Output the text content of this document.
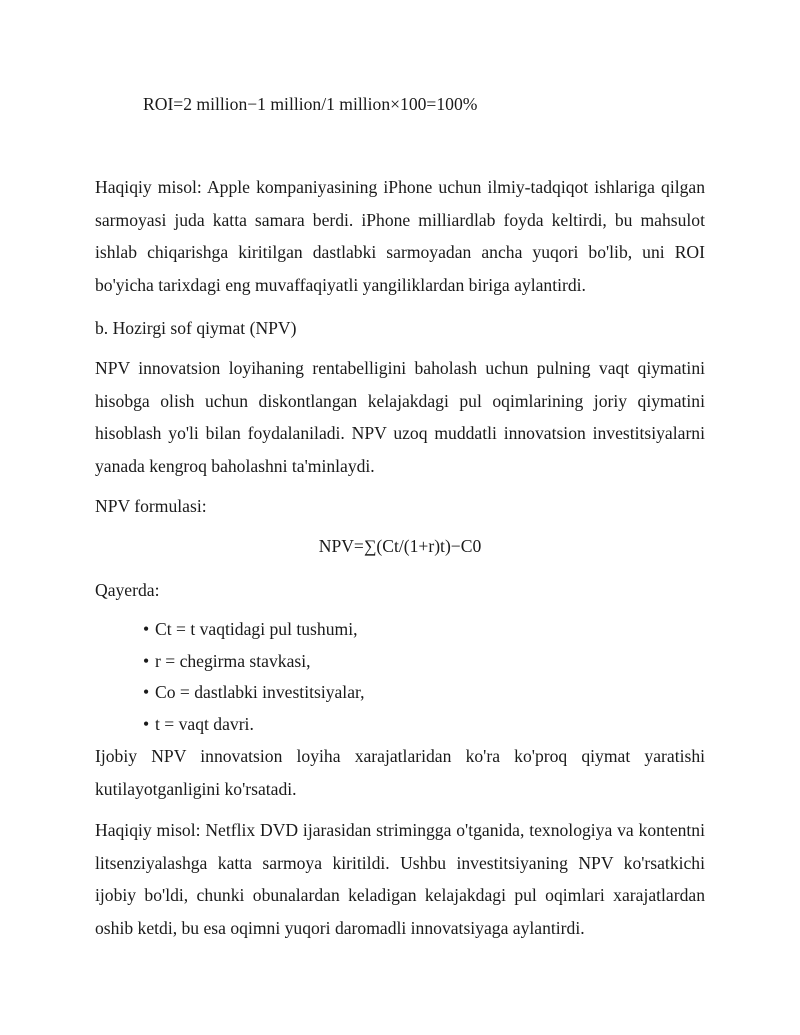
ROI=2 million−1 million/1 million×100=100%

Haqiqiy misol: Apple kompaniyasining iPhone uchun ilmiy-tadqiqot ishlariga qilgan sarmoyasi juda katta samara berdi. iPhone milliardlab foyda keltirdi, bu mahsulot ishlab chiqarishga kiritilgan dastlabki sarmoyadan ancha yuqori bo'lib, uni ROI bo'yicha tarixdagi eng muvaffaqiyatli yangiliklardan biriga aylantirdi.

b. Hozirgi sof qiymat (NPV)

NPV innovatsion loyihaning rentabelligini baholash uchun pulning vaqt qiymatini hisobga olish uchun diskontlangan kelajakdagi pul oqimlarining joriy qiymatini hisoblash yo'li bilan foydalaniladi. NPV uzoq muddatli innovatsion investitsiyalarni yanada kengroq baholashni ta'minlaydi.

NPV formulasi:
NPV=∑(Ct/(1+r)t)−C0
Qayerda:
• Ct = t vaqtidagi pul tushumi,
• r = chegirma stavkasi,
• Co = dastlabki investitsiyalar,
• t = vaqt davri.

Ijobiy NPV innovatsion loyiha xarajatlaridan ko'ra ko'proq qiymat yaratishi kutilayotganligini ko'rsatadi.

Haqiqiy misol: Netflix DVD ijarasidan strimingga o'tganida, texnologiya va kontentni litsenziyalashga katta sarmoya kiritildi. Ushbu investitsiyaning NPV ko'rsatkichi ijobiy bo'ldi, chunki obunalardan keladigan kelajakdagi pul oqimlari xarajatlardan oshib ketdi, bu esa oqimni yuqori daromadli innovatsiyaga aylantirdi.
